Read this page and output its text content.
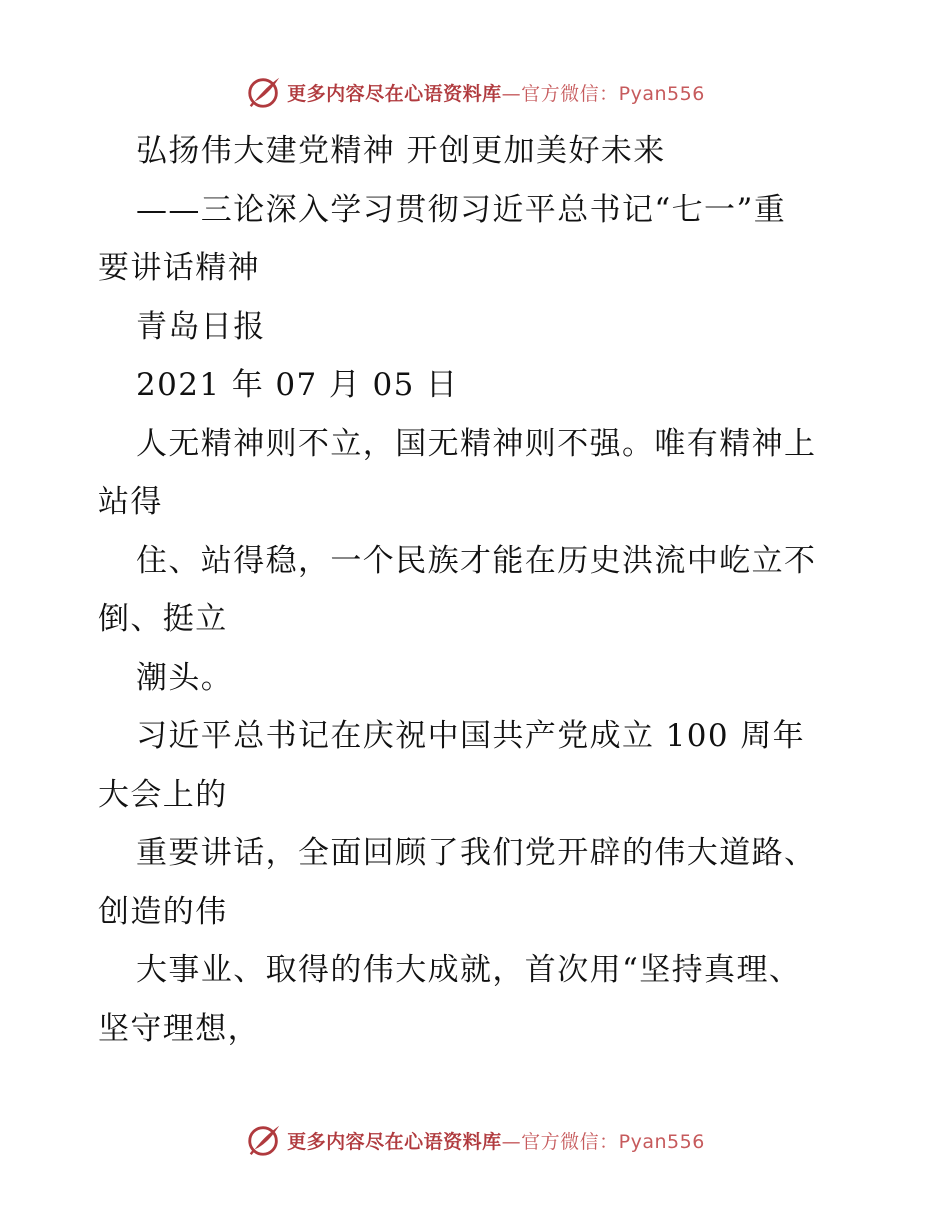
更多内容尽在心语资料库—官方微信：Pyan556
弘扬伟大建党精神 开创更加美好未来
——三论深入学习贯彻习近平总书记“七一”重
要讲话精神
青岛日报
2021 年 07 月 05 日
人无精神则不立，国无精神则不强。唯有精神上
站得
住、站得稳，一个民族才能在历史洪流中屹立不
倒、挺立
潮头。
习近平总书记在庆祝中国共产党成立 100 周年
大会上的
重要讲话，全面回顾了我们党开辟的伟大道路、
创造的伟
大事业、取得的伟大成就，首次用“坚持真理、
坚守理想，
更多内容尽在心语资料库—官方微信：Pyan556
